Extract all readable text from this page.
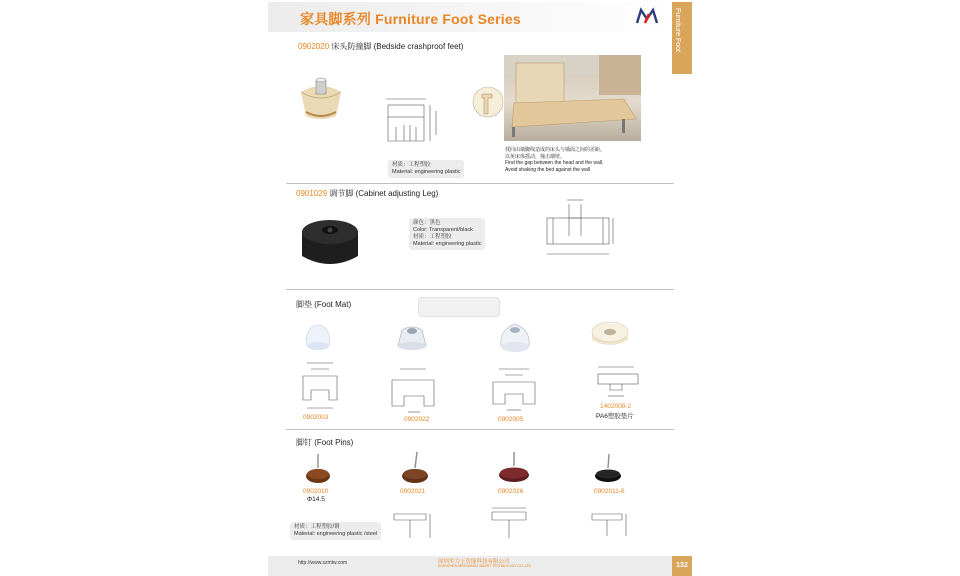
家具脚系列 Furniture Foot Series	Furniture Foot
0902020 床头防撞脚 (Bedside crashproof feet)
材质：工程塑胶
Material: engineering plastic
找回由墙脚线造成的床头与墙面之间的差距。
以免床体摇动，撞击墙壁。
Find the gap between the head and the wall,
Avoid shaking the bed against the wall
0901029 调节脚 (Cabinet adjusting Leg)
颜色：黑色
Color: Transparent/black
材质：工程塑胶
Material: engineering plastic
脚垫 (Foot Mat)
0902003	0902022	0902005
1402008-2
PA6塑胶垫片
脚钉 (Foot Pins)
0902010
Φ14.5
0902021	0902026	0902011-6
材质：工程塑胶/钢
Material: engineering plastic /steel
http://www.szmtw.com	深圳美力王智能科技有限公司
SHENZHEN MEILIWANG SMART TECHNOLOGY CO.,LTD	132
